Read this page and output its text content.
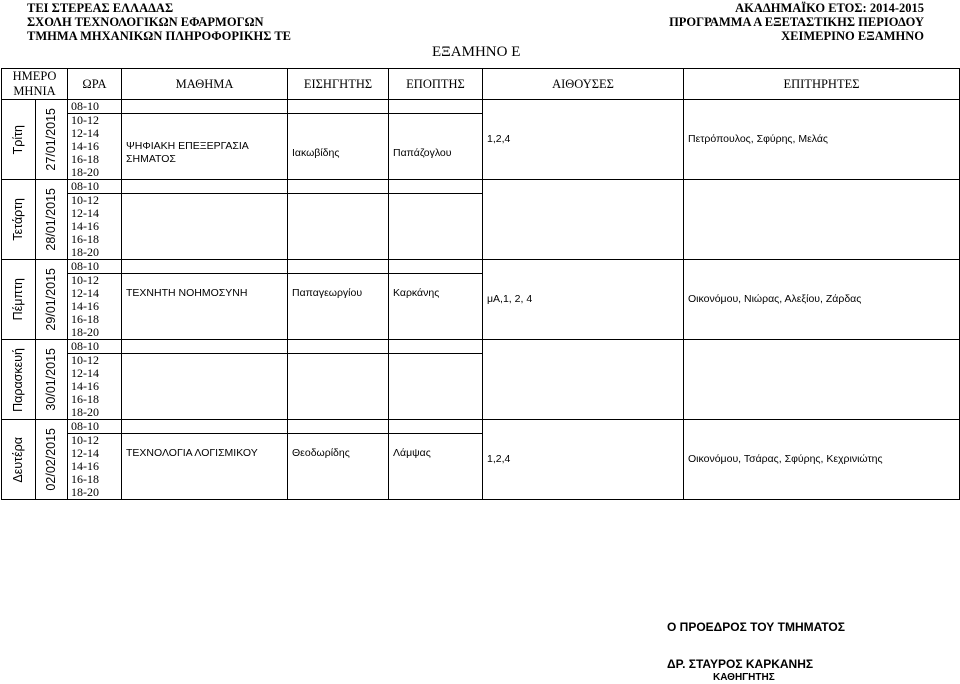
ΤΕΙ ΣΤΕΡΕΑΣ ΕΛΛΑΔΑΣ
ΣΧΟΛΗ ΤΕΧΝΟΛΟΓΙΚΩΝ ΕΦΑΡΜΟΓΩΝ
ΤΜΗΜΑ ΜΗΧΑΝΙΚΩΝ ΠΛΗΡΟΦΟΡΙΚΗΣ ΤΕ
ΑΚΑΔΗΜΑΪΚΟ ΕΤΟΣ: 2014-2015
ΠΡΟΓΡΑΜΜΑ Α ΕΞΕΤΑΣΤΙΚΗΣ ΠΕΡΙΟΔΟΥ
ΧΕΙΜΕΡΙΝΟ ΕΞΑΜΗΝΟ
ΕΞΑΜΗΝΟ Ε
ΗΜΕΡΟ ΜΗΝΙΑ		ΩΡΑ	ΜΑΘΗΜΑ	ΕΙΣΗΓΗΤΗΣ	ΕΠΟΠΤΗΣ	ΑΙΘΟΥΣΕΣ	ΕΠΙΤΗΡΗΤΕΣ

Τρίτη	27/01/2015	08-10				1,2,4	Πετρόπουλος, Σφύρης, Μελάς
		10-12					
		12-14					
		14-16	ΨΗΦΙΑΚΗ ΕΠΕΞΕΡΓΑΣΙΑ ΣΗΜΑΤΟΣ	Ιακωβίδης	Παπάζογλου		
		16-18					
		18-20					

Τετάρτη	28/01/2015	08-10					
		10-12					
		12-14					
		14-16					
		16-18					
		18-20					

Πέμπτη	29/01/2015	08-10				μΑ,1, 2, 4	Οικονόμου, Νιώρας, Αλεξίου, Ζάρδας
		10-12					
		12-14	ΤΕΧΝΗΤΗ ΝΟΗΜΟΣΥΝΗ	Παπαγεωργίου	Καρκάνης		
		14-16					
		16-18					
		18-20					

Παρασκευή	30/01/2015	08-10					
		10-12					
		12-14					
		14-16					
		16-18					
		18-20					

Δευτέρα	02/02/2015	08-10				1,2,4	Οικονόμου, Τσάρας, Σφύρης, Κεχρινιώτης
		10-12					
		12-14	ΤΕΧΝΟΛΟΓΙΑ ΛΟΓΙΣΜΙΚΟΥ	Θεοδωρίδης	Λάμψας		
		14-16					
		16-18					
		18-20					
Ο ΠΡΟΕΔΡΟΣ ΤΟΥ ΤΜΗΜΑΤΟΣ
ΔΡ. ΣΤΑΥΡΟΣ ΚΑΡΚΑΝΗΣ
ΚΑΘΗΓΗΤΗΣ
